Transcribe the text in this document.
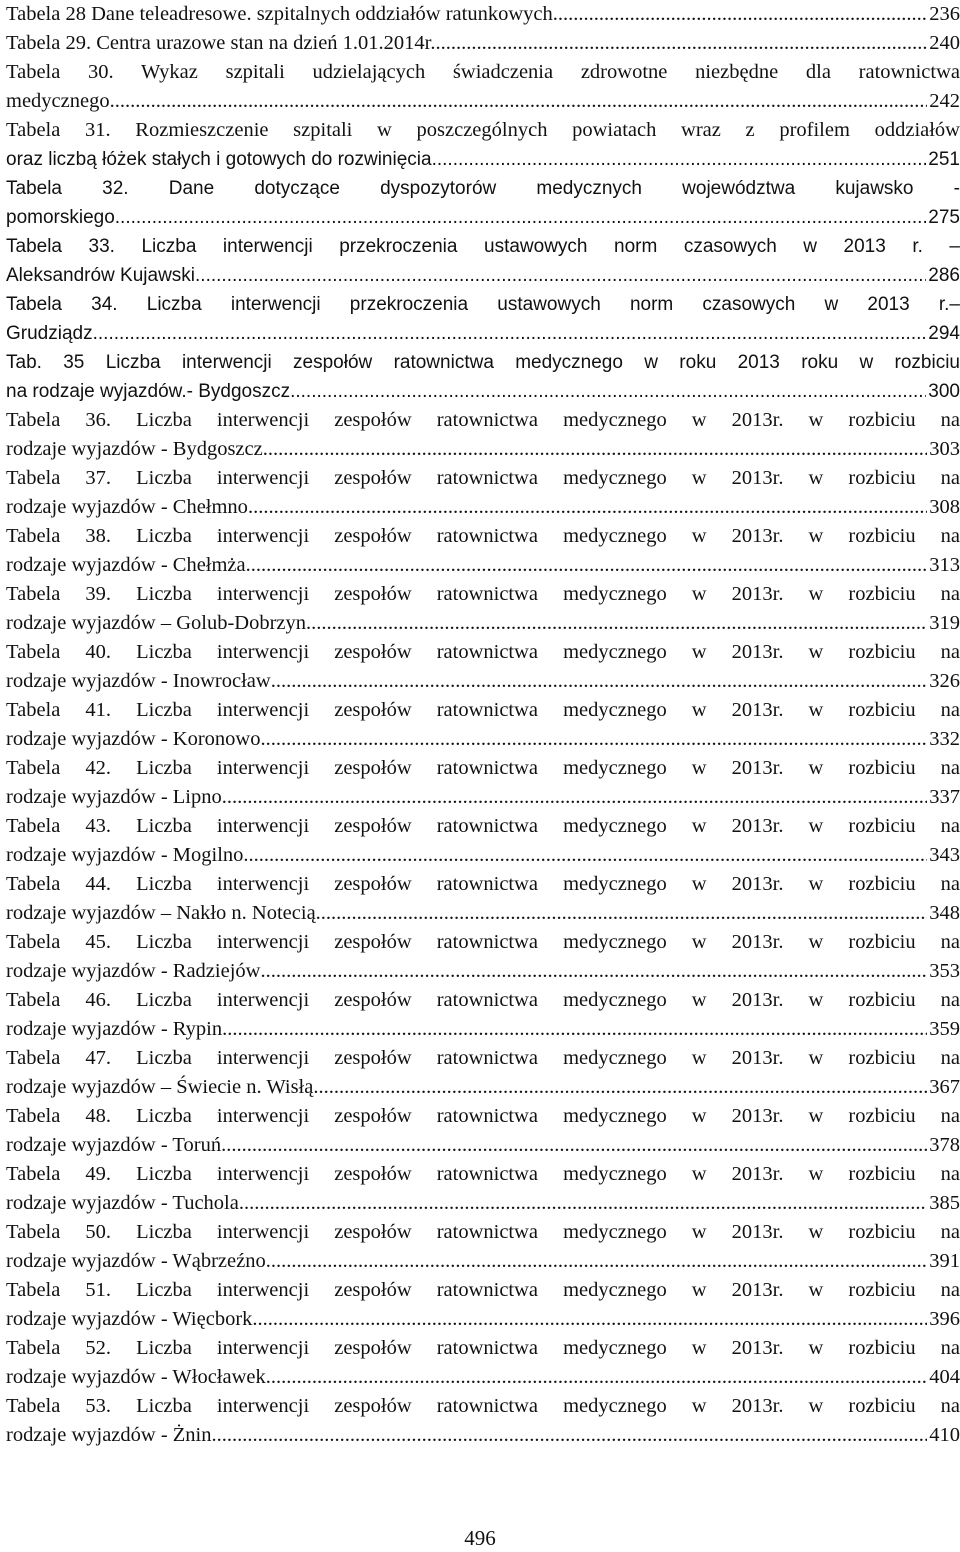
Tabela 28 Dane teleadresowe. szpitalnych oddziałów ratunkowych .....	236
Tabela 29. Centra urazowe stan na dzień 1.01.2014r. .....	240
Tabela 30. Wykaz szpitali udzielających świadczenia zdrowotne niezbędne dla ratownictwa
medycznego .....	242
Tabela 31. Rozmieszczenie szpitali w poszczególnych powiatach wraz z profilem oddziałów
oraz liczbą łóżek stałych i gotowych do rozwinięcia .....	251
Tabela 32. Dane dotyczące dyspozytorów medycznych województwa kujawsko -
pomorskiego .....	275
Tabela 33. Liczba interwencji przekroczenia ustawowych norm czasowych w 2013 r. –
Aleksandrów Kujawski .....	286
Tabela 34. Liczba interwencji przekroczenia ustawowych norm czasowych w 2013 r.–
Grudziądz .....	294
Tab. 35 Liczba interwencji zespołów ratownictwa medycznego w roku 2013 roku w rozbiciu
na rodzaje wyjazdów.- Bydgoszcz .....	300
Tabela 36. Liczba interwencji zespołów ratownictwa medycznego w 2013r. w rozbiciu na
rodzaje wyjazdów - Bydgoszcz .....	303
Tabela 37. Liczba interwencji zespołów ratownictwa medycznego w 2013r. w rozbiciu na
rodzaje wyjazdów - Chełmno .....	308
Tabela 38. Liczba interwencji zespołów ratownictwa medycznego w 2013r. w rozbiciu na
rodzaje wyjazdów - Chełmża .....	313
Tabela 39. Liczba interwencji zespołów ratownictwa medycznego w 2013r. w rozbiciu na
rodzaje wyjazdów – Golub-Dobrzyn .....	319
Tabela 40. Liczba interwencji zespołów ratownictwa medycznego w 2013r. w rozbiciu na
rodzaje wyjazdów - Inowrocław .....	326
Tabela 41. Liczba interwencji zespołów ratownictwa medycznego w 2013r. w rozbiciu na
rodzaje wyjazdów - Koronowo .....	332
Tabela 42. Liczba interwencji zespołów ratownictwa medycznego w 2013r. w rozbiciu na
rodzaje wyjazdów - Lipno .....	337
Tabela 43. Liczba interwencji zespołów ratownictwa medycznego w 2013r. w rozbiciu na
rodzaje wyjazdów - Mogilno .....	343
Tabela 44. Liczba interwencji zespołów ratownictwa medycznego w 2013r. w rozbiciu na
rodzaje wyjazdów – Nakło n. Notecią .....	348
Tabela 45. Liczba interwencji zespołów ratownictwa medycznego w 2013r. w rozbiciu na
rodzaje wyjazdów - Radziejów .....	353
Tabela 46. Liczba interwencji zespołów ratownictwa medycznego w 2013r. w rozbiciu na
rodzaje wyjazdów - Rypin .....	359
Tabela 47. Liczba interwencji zespołów ratownictwa medycznego w 2013r. w rozbiciu na
rodzaje wyjazdów – Świecie n. Wisłą .....	367
Tabela 48. Liczba interwencji zespołów ratownictwa medycznego w 2013r. w rozbiciu na
rodzaje wyjazdów - Toruń .....	378
Tabela 49. Liczba interwencji zespołów ratownictwa medycznego w 2013r. w rozbiciu na
rodzaje wyjazdów - Tuchola .....	385
Tabela 50. Liczba interwencji zespołów ratownictwa medycznego w 2013r. w rozbiciu na
rodzaje wyjazdów - Wąbrzeźno .....	391
Tabela 51. Liczba interwencji zespołów ratownictwa medycznego w 2013r. w rozbiciu na
rodzaje wyjazdów - Więcbork .....	396
Tabela 52. Liczba interwencji zespołów ratownictwa medycznego w 2013r. w rozbiciu na
rodzaje wyjazdów - Włocławek .....	404
Tabela 53. Liczba interwencji zespołów ratownictwa medycznego w 2013r. w rozbiciu na
rodzaje wyjazdów - Żnin .....	410
496
